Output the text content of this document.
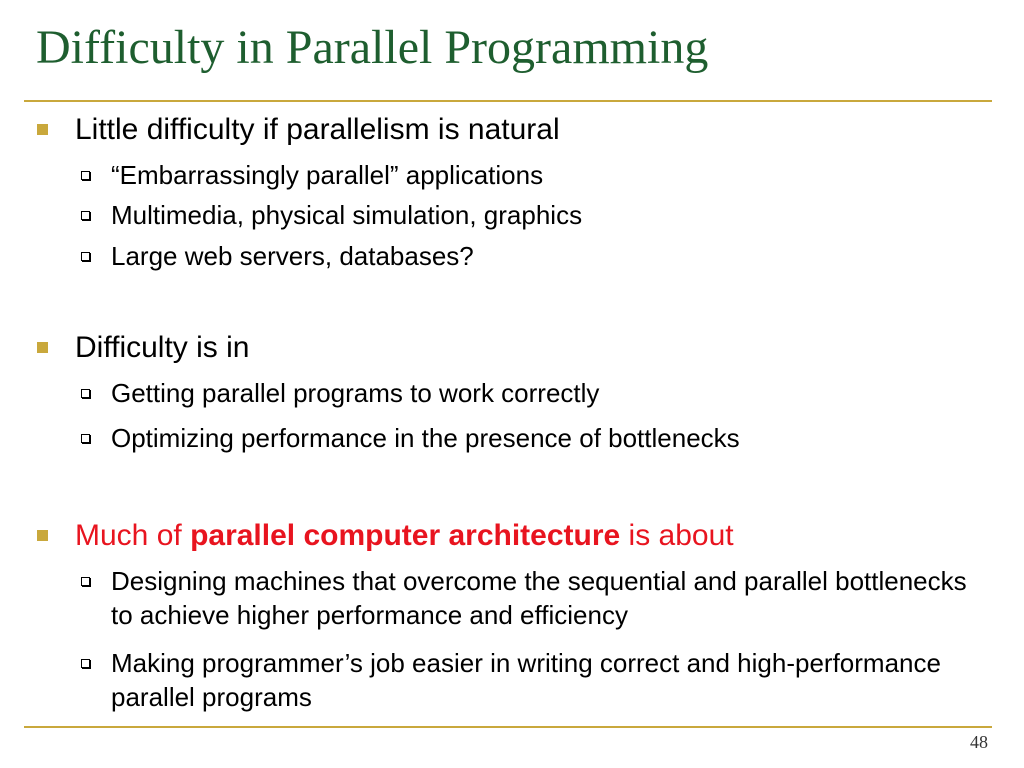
Difficulty in Parallel Programming
Little difficulty if parallelism is natural
“Embarrassingly parallel” applications
Multimedia, physical simulation, graphics
Large web servers, databases?
Difficulty is in
Getting parallel programs to work correctly
Optimizing performance in the presence of bottlenecks
Much of parallel computer architecture is about
Designing machines that overcome the sequential and parallel bottlenecks to achieve higher performance and efficiency
Making programmer’s job easier in writing correct and high-performance parallel programs
48
